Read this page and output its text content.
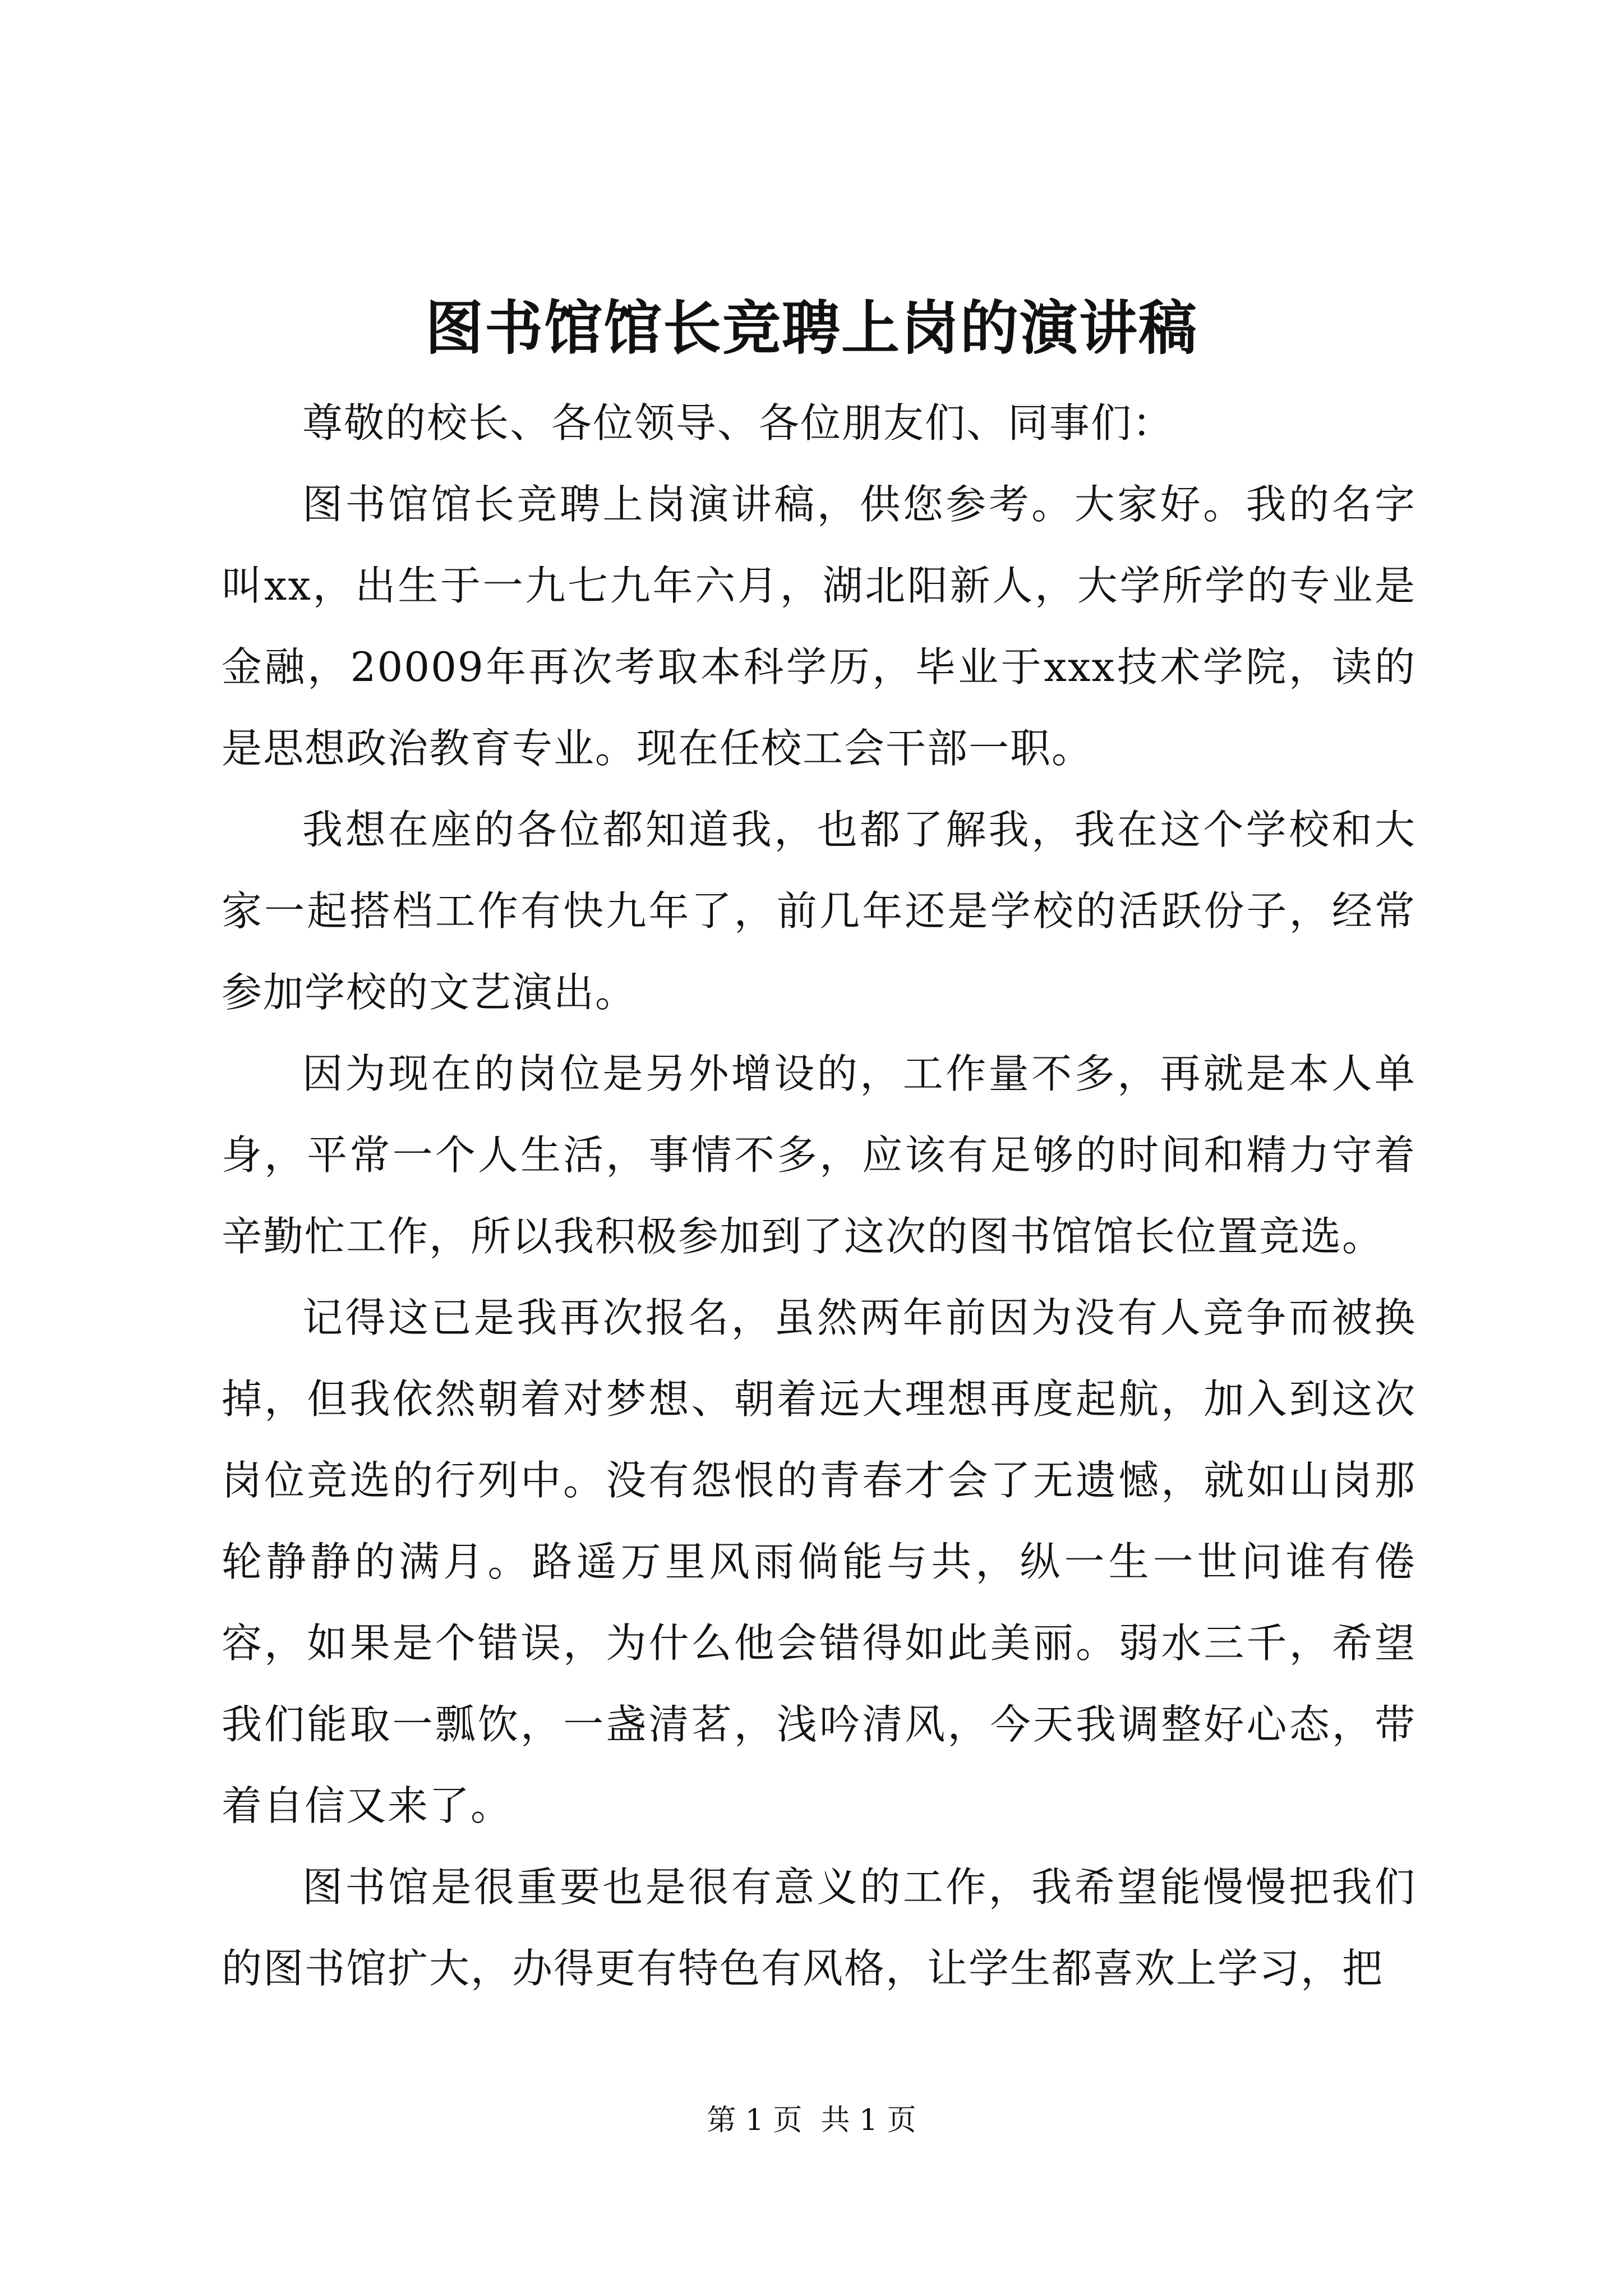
图书馆馆长竞聘上岗的演讲稿

尊敬的校长、各位领导、各位朋友们、同事们：

图书馆馆长竞聘上岗演讲稿，供您参考。大家好。我的名字叫xx，出生于一九七九年六月，湖北阳新人，大学所学的专业是金融，20009年再次考取本科学历，毕业于xxx技术学院，读的是思想政治教育专业。现在任校工会干部一职。

我想在座的各位都知道我，也都了解我，我在这个学校和大家一起搭档工作有快九年了，前几年还是学校的活跃份子，经常参加学校的文艺演出。

因为现在的岗位是另外增设的，工作量不多，再就是本人单身，平常一个人生活，事情不多，应该有足够的时间和精力守着辛勤忙工作，所以我积极参加到了这次的图书馆馆长位置竞选。

记得这已是我再次报名，虽然两年前因为没有人竞争而被换掉，但我依然朝着对梦想、朝着远大理想再度起航，加入到这次岗位竞选的行列中。没有怨恨的青春才会了无遗憾，就如山岗那轮静静的满月。路遥万里风雨倘能与共，纵一生一世问谁有倦容，如果是个错误，为什么他会错得如此美丽。弱水三千，希望我们能取一瓢饮，一盏清茗，浅吟清风，今天我调整好心态，带着自信又来了。

图书馆是很重要也是很有意义的工作，我希望能慢慢把我们的图书馆扩大，办得更有特色有风格，让学生都喜欢上学习，把

第 1 页  共 1 页
